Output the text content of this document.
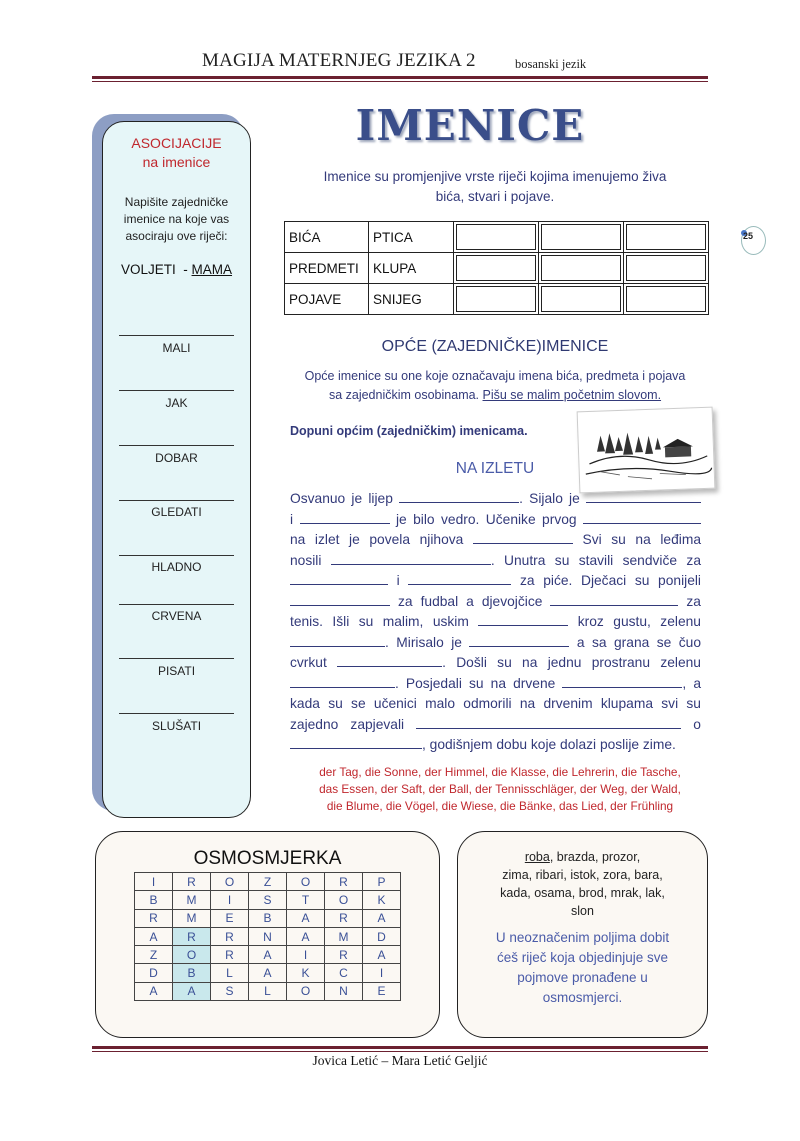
MAGIJA MATERNJEG JEZIKA 2	bosanski jezik
ASOCIJACIJE
na imenice
Napišite zajedničke
imenice na koje vas
asociraju ove riječi:
VOLJETI - MAMA
MALI
JAK
DOBAR
GLEDATI
HLADNO
CRVENA
PISATI
SLUŠATI
IMENICE
Imenice su promjenjive vrste riječi kojima imenujemo živa
bića, stvari i pojave.
25
BIĆA	PTICA			
PREDMETI	KLUPA			
POJAVE	SNIJEG			
OPĆE (ZAJEDNIČKE)IMENICE
Opće imenice su one koje označavaju imena bića, predmeta i pojava
sa zajedničkim osobinama. Pišu se malim početnim slovom.
Dopuni općim (zajedničkim) imenicama.
NA IZLETU
Osvanuo je lijep	. Sijalo je
i	je bilo vedro. Učenike prvog
na izlet je povela njihova	Svi su na leđima
nosili	. Unutra su stavili sendviče za
i	za piće. Dječaci su ponijeli
za fudbal a djevojčice	za
tenis. Išli su malim, uskim	kroz gustu, zelenu
. Mirisalo je	a sa grana se čuo
cvrkut	. Došli su na jednu prostranu zelenu
. Posjedali su na drvene	, a
kada su se učenici malo odmorili na drvenim klupama svi su
zajedno zapjevali	o
, godišnjem dobu koje dolazi poslije zime.
der Tag, die Sonne, der Himmel, die Klasse, die Lehrerin, die Tasche,
das Essen, der Saft, der Ball, der Tennisschläger, der Weg, der Wald,
die Blume, die Vögel, die Wiese, die Bänke, das Lied, der Frühling
OSMOSMJERKA
I	R	O	Z	O	R	P
B	M	I	S	T	O	K
R	M	E	B	A	R	A
A	R	R	N	A	M	D
Z	O	R	A	I	R	A
D	B	L	A	K	C	I
A	A	S	L	O	N	E
roba, brazda, prozor,
zima, ribari, istok, zora, bara,
kada, osama, brod, mrak, lak,
slon
U neoznačenim poljima dobit
ćeš riječ koja objedinjuje sve
pojmove pronađene u
osmosmjerci.
Jovica Letić – Mara Letić Geljić
